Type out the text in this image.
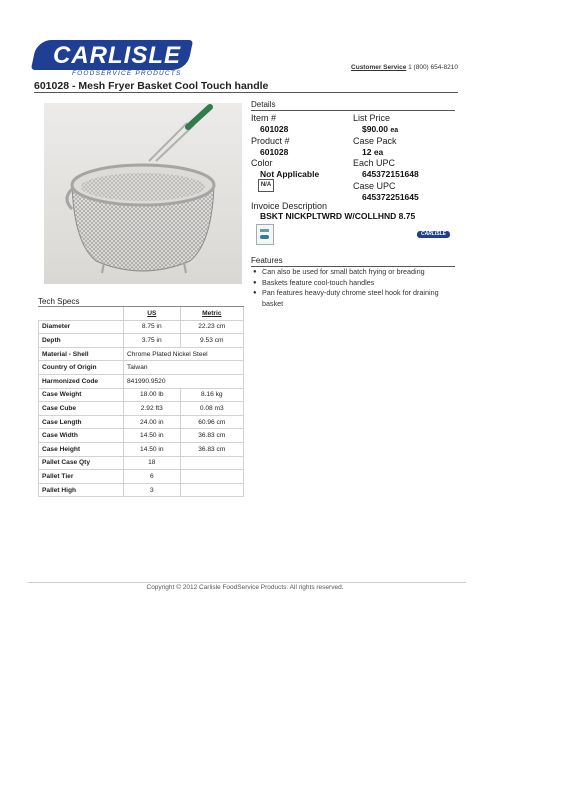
CARLISLE
FOODSERVICE PRODUCTS
Customer Service 1 (800) 654-8210
601028 - Mesh Fryer Basket Cool Touch handle
Details
Item #
601028
List Price
$90.00 ea
Product #
601028
Case Pack
12 ea
Color
Not Applicable
N/A
Each UPC
645372151648
Case UPC
645372251645
Invoice Description
BSKT NICKPLTWRD W/COLLHND 8.75
CARLISLE
Features
● Can also be used for small batch frying or breading
● Baskets feature cool-touch handles
● Pan features heavy-duty chrome steel hook for draining basket
Tech Specs
	US	Metric
Diameter	8.75 in	22.23 cm
Depth	3.75 in	9.53 cm
Material - Shell	Chrome Plated Nickel Steel	
Country of Origin	Taiwan	
Harmonized Code	841990.9520	
Case Weight	18.00 lb	8.16 kg
Case Cube	2.92 ft3	0.08 m3
Case Length	24.00 in	60.96 cm
Case Width	14.50 in	36.83 cm
Case Height	14.50 in	36.83 cm
Pallet Case Qty	18	
Pallet Tier	6	
Pallet High	3	
Copyright © 2012 Carlisle FoodService Products. All rights reserved.
